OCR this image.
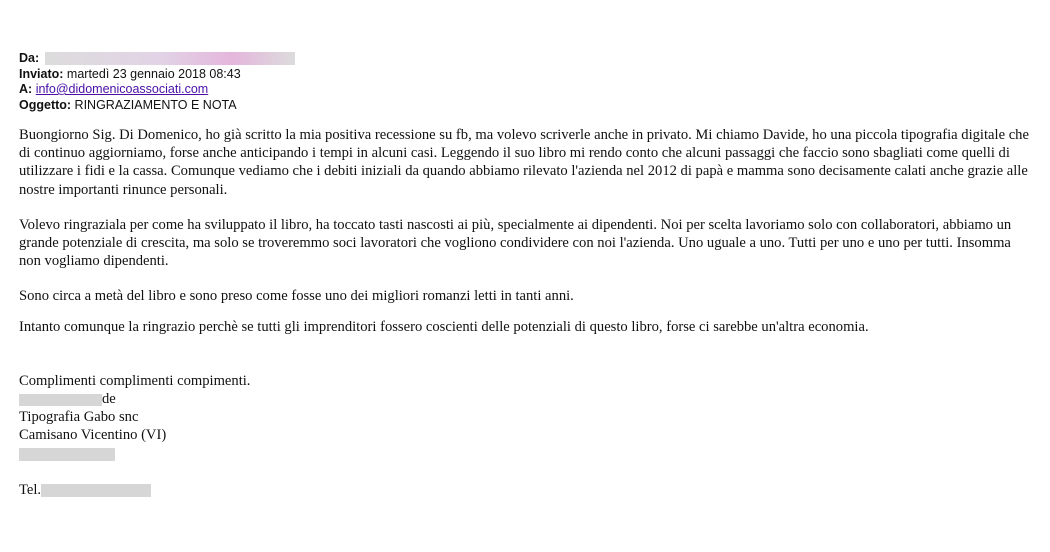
Da:
Inviato: martedì 23 gennaio 2018 08:43
A: info@didomenicoassociati.com
Oggetto: RINGRAZIAMENTO E NOTA

Buongiorno Sig. Di Domenico, ho già scritto la mia positiva recessione su fb, ma volevo scriverle anche in privato. Mi chiamo Davide, ho una piccola tipografia digitale che di continuo aggiorniamo, forse anche anticipando i tempi in alcuni casi. Leggendo il suo libro mi rendo conto che alcuni passaggi che faccio sono sbagliati come quelli di utilizzare i fidi e la cassa. Comunque vediamo che i debiti iniziali da quando abbiamo rilevato l'azienda nel 2012 di papà e mamma sono decisamente calati anche grazie alle nostre importanti rinunce personali.

Volevo ringraziala per come ha sviluppato il libro, ha toccato tasti nascosti ai più, specialmente ai dipendenti. Noi per scelta lavoriamo solo con collaboratori, abbiamo un grande potenziale di crescita, ma solo se troveremmo soci lavoratori che vogliono condividere con noi l'azienda. Uno uguale a uno. Tutti per uno e uno per tutti. Insomma non vogliamo dipendenti.

Sono circa a metà del libro e sono preso come fosse uno dei migliori romanzi letti in tanti anni.

Intanto comunque la ringrazio perchè se tutti gli imprenditori fossero coscienti delle potenziali di questo libro, forse ci sarebbe un'altra economia.

Complimenti complimenti compimenti.
de
Tipografia Gabo snc
Camisano Vicentino (VI)
Tel.
